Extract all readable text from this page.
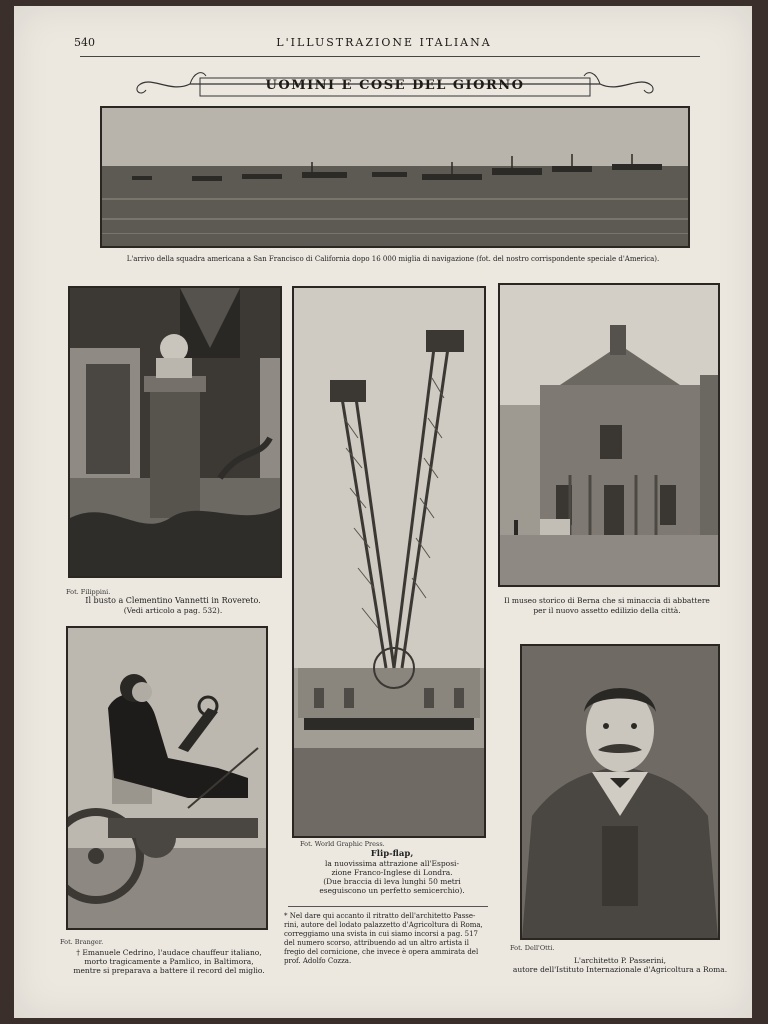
540	L'ILLUSTRAZIONE ITALIANA
UOMINI E COSE DEL GIORNO
L'arrivo della squadra americana a San Francisco di California dopo 16 000 miglia di navigazione (fot. del nostro corrispondente speciale d'America).
Fot. Filippini.
Il busto a Clementino Vannetti in Rovereto.
(Vedi articolo a pag. 532).
Fot. World Graphic Press.
Flip-flap,
la nuovissima attrazione all'Esposi-
zione Franco-Inglese di Londra.
(Due braccia di leva lunghi 50 metri
eseguiscono un perfetto semicerchio).
Il museo storico di Berna che si minaccia di abbattere
per il nuovo assetto edilizio della città.
Fot. Branger.
† Emanuele Cedrino, l'audace chauffeur italiano,
morto tragicamente a Pamlico, in Baltimora,
mentre si preparava a battere il record del miglio.
* Nel dare qui accanto il ritratto dell'architetto Passe-
rini, autore del lodato palazzetto d'Agricoltura di Roma,
correggiamo una svista in cui siamo incorsi a pag. 517
del numero scorso, attribuendo ad un altro artista il
fregio del cornicione, che invece è opera ammirata del
prof. Adolfo Cozza.
Fot. Dell'Otti.
L'architetto P. Passerini,
autore dell'Istituto Internazionale d'Agricoltura a Roma.
